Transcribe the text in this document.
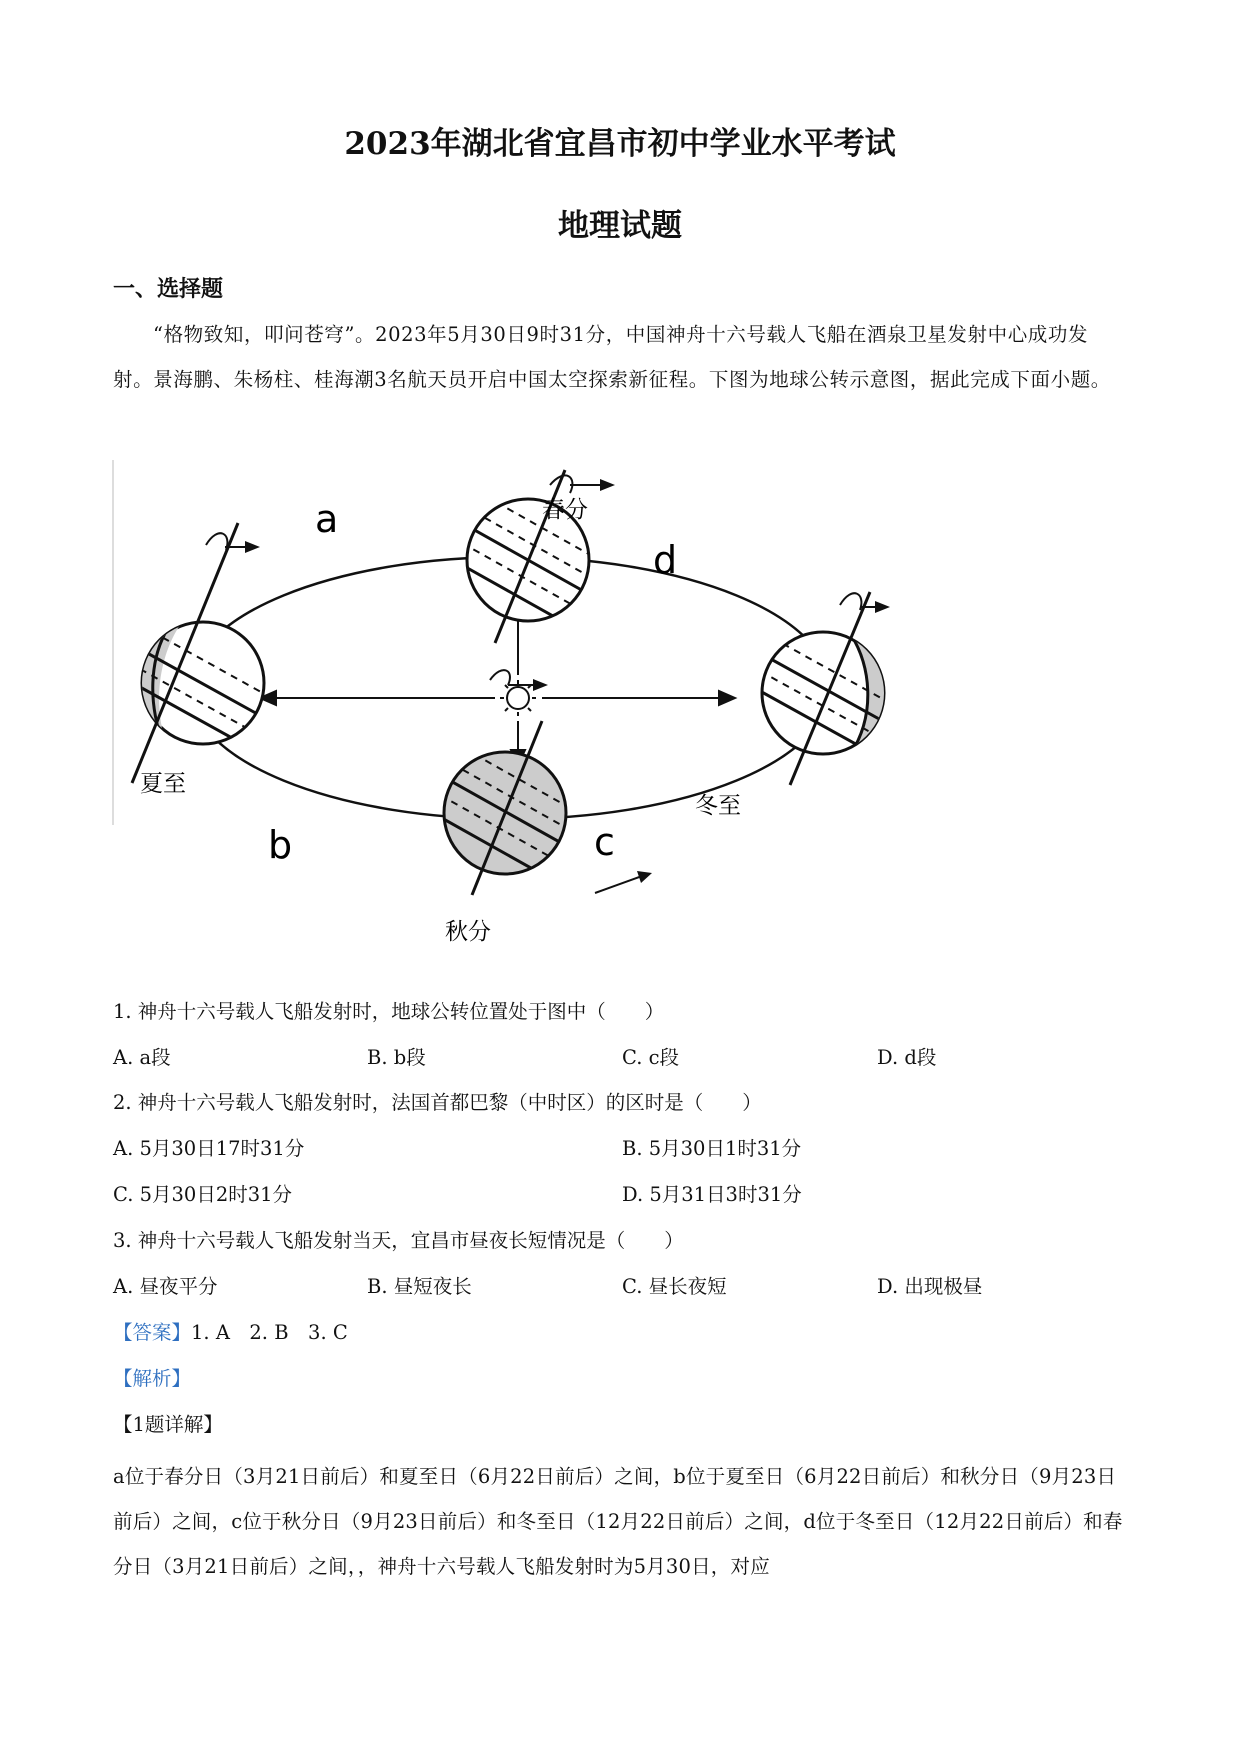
2023年湖北省宜昌市初中学业水平考试
地理试题
一、选择题
“格物致知，叩问苍穹”。2023年5月30日9时31分，中国神舟十六号载人飞船在酒泉卫星发射中心成功发射。景海鹏、朱杨柱、桂海潮3名航天员开启中国太空探索新征程。下图为地球公转示意图，据此完成下面小题。
a
d
b	c
春分
夏至
秋分
冬至
1. 神舟十六号载人飞船发射时，地球公转位置处于图中（　　）
A. a段	B. b段	C. c段	D. d段
2. 神舟十六号载人飞船发射时，法国首都巴黎（中时区）的区时是（　　）
A. 5月30日17时31分	B. 5月30日1时31分
C. 5月30日2时31分	D. 5月31日3时31分
3. 神舟十六号载人飞船发射当天，宜昌市昼夜长短情况是（　　）
A. 昼夜平分	B. 昼短夜长	C. 昼长夜短	D. 出现极昼
【答案】1. A　2. B　3. C
【解析】
【1题详解】
a位于春分日（3月21日前后）和夏至日（6月22日前后）之间，b位于夏至日（6月22日前后）和秋分日（9月23日前后）之间，c位于秋分日（9月23日前后）和冬至日（12月22日前后）之间，d位于冬至日（12月22日前后）和春分日（3月21日前后）之间，，神舟十六号载人飞船发射时为5月30日，对应
